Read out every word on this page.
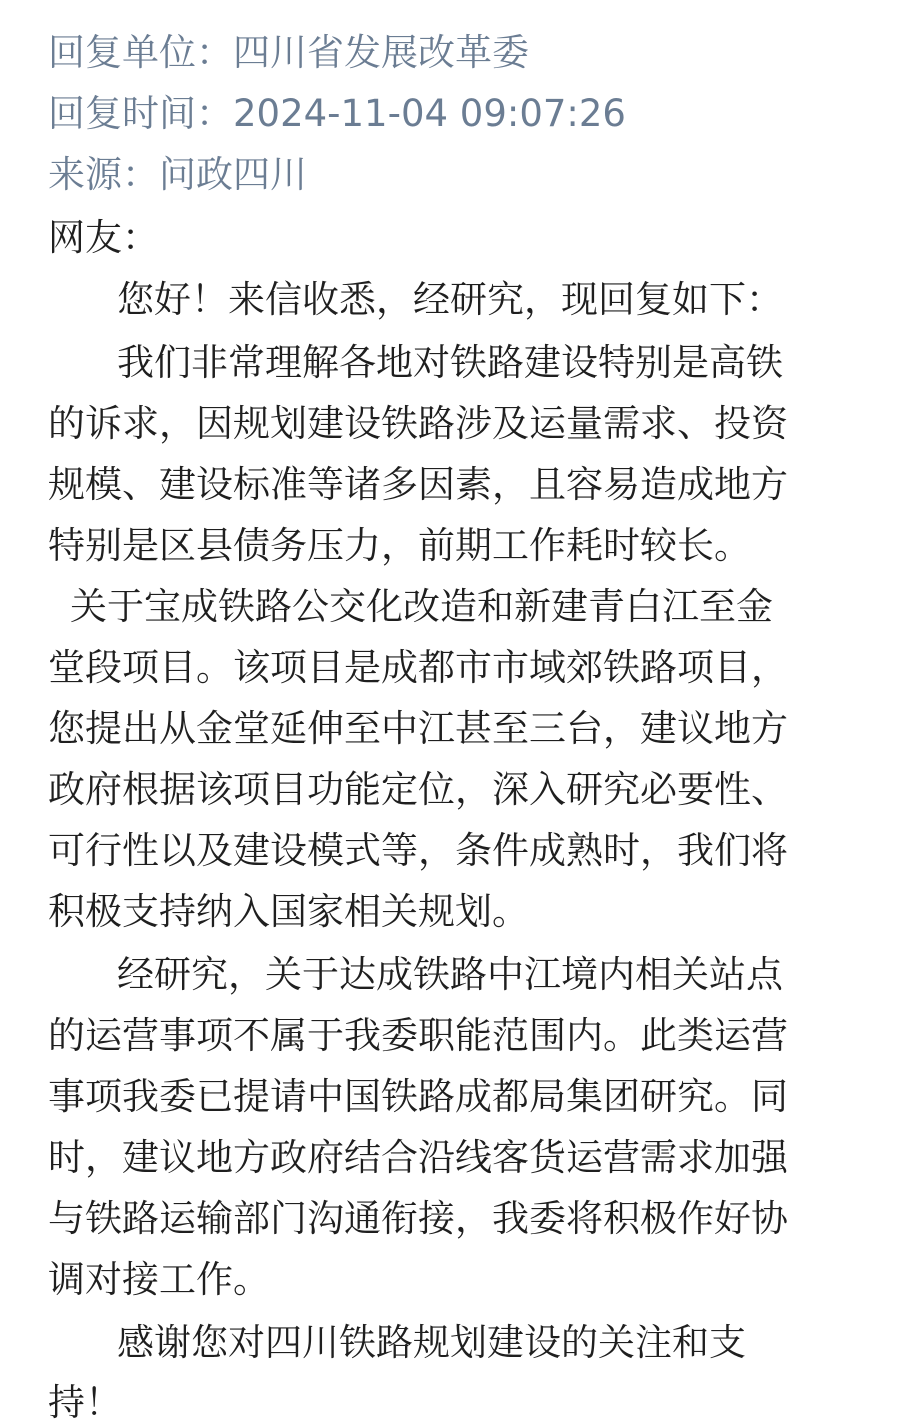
回复单位：四川省发展改革委
回复时间：2024-11-04 09:07:26
来源：问政四川
网友：
您好！来信收悉，经研究，现回复如下：
我们非常理解各地对铁路建设特别是高铁
的诉求，因规划建设铁路涉及运量需求、投资
规模、建设标准等诸多因素，且容易造成地方
特别是区县债务压力，前期工作耗时较长。
关于宝成铁路公交化改造和新建青白江至金
堂段项目。该项目是成都市市域郊铁路项目，
您提出从金堂延伸至中江甚至三台，建议地方
政府根据该项目功能定位，深入研究必要性、
可行性以及建设模式等，条件成熟时，我们将
积极支持纳入国家相关规划。
经研究，关于达成铁路中江境内相关站点
的运营事项不属于我委职能范围内。此类运营
事项我委已提请中国铁路成都局集团研究。同
时，建议地方政府结合沿线客货运营需求加强
与铁路运输部门沟通衔接，我委将积极作好协
调对接工作。
感谢您对四川铁路规划建设的关注和支
持！
